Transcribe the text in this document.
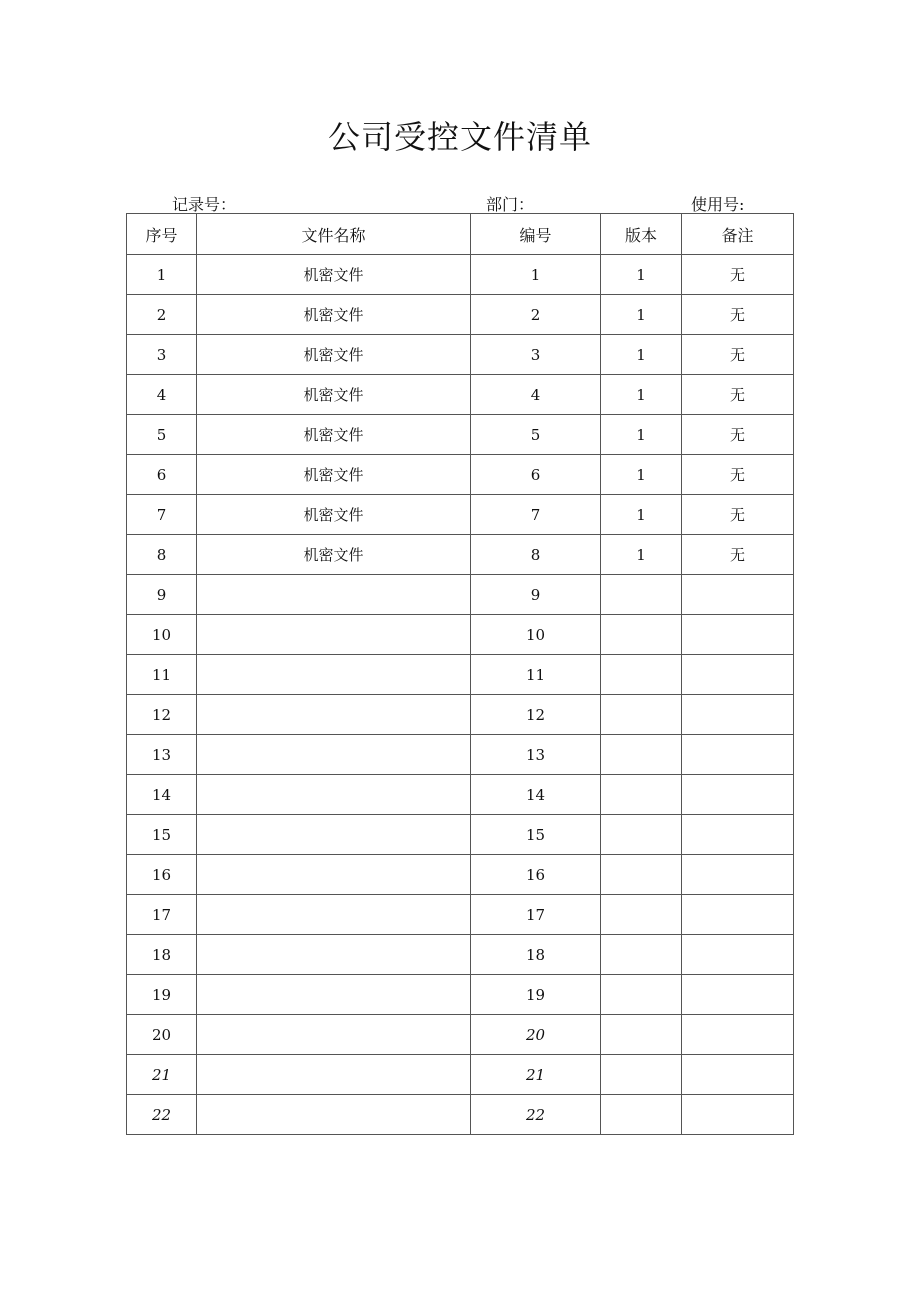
公司受控文件清单
记录号：	部门：	使用号:
序号	文件名称	编号	版本	备注
1	机密文件	1	1	无
2	机密文件	2	1	无
3	机密文件	3	1	无
4	机密文件	4	1	无
5	机密文件	5	1	无
6	机密文件	6	1	无
7	机密文件	7	1	无
8	机密文件	8	1	无
9		9		
10		10		
11		11		
12		12		
13		13		
14		14		
15		15		
16		16		
17		17		
18		18		
19		19		
20		20		
21		21		
22		22		
